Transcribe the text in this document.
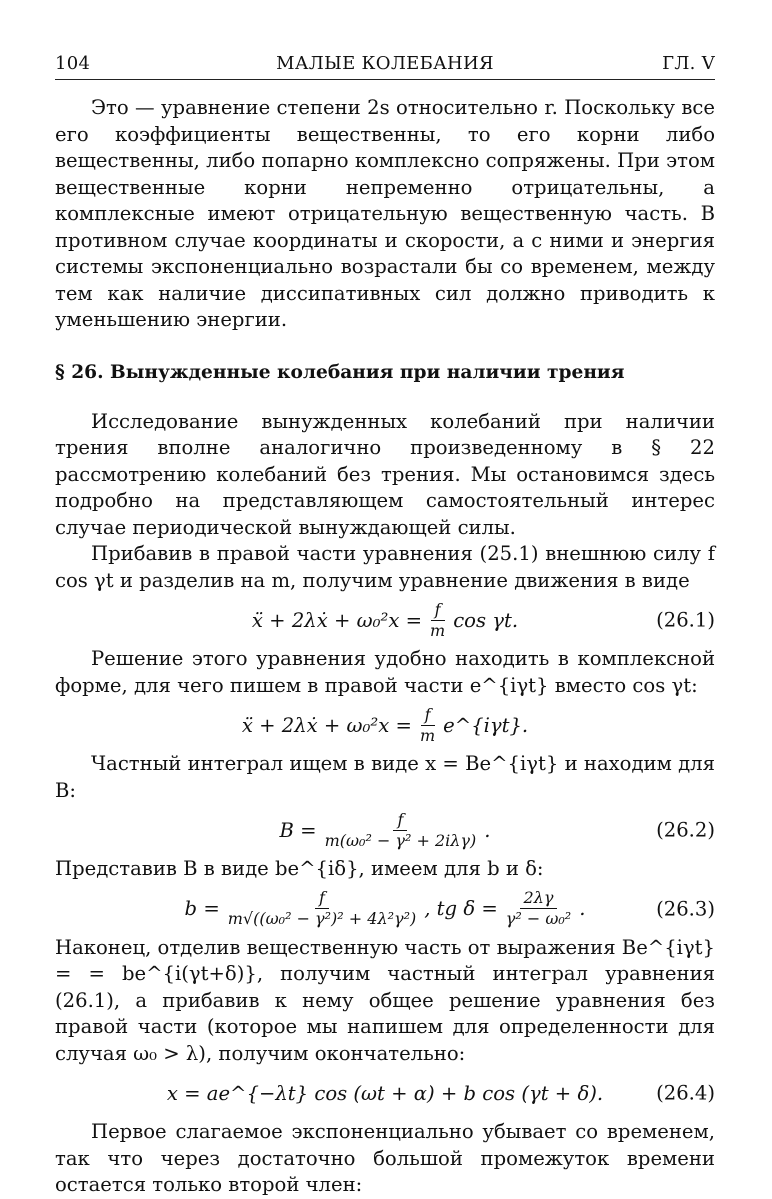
104	МАЛЫЕ КОЛЕБАНИЯ	ГЛ. V

Это — уравнение степени 2s относительно r. Поскольку все его коэффициенты вещественны, то его корни либо вещественны, либо попарно комплексно сопряжены. При этом вещественные корни непременно отрицательны, а комплексные имеют отрицательную вещественную часть. В противном случае координаты и скорости, а с ними и энергия системы экспоненциально возрастали бы со временем, между тем как наличие диссипативных сил должно приводить к уменьшению энергии.

§ 26. Вынужденные колебания при наличии трения

Исследование вынужденных колебаний при наличии трения вполне аналогично произведенному в § 22 рассмотрению колебаний без трения. Мы остановимся здесь подробно на представляющем самостоятельный интерес случае периодической вынуждающей силы.

Прибавив в правой части уравнения (25.1) внешнюю силу f cos γt и разделив на m, получим уравнение движения в виде

ẍ + 2λẋ + $\omega_0^2x = \frac{f}{m}$ cos γt.	(26.1)

Решение этого уравнения удобно находить в комплексной форме, для чего пишем в правой части e^{iγt} вместо cos γt:

ẍ + 2λẋ + $\omega_0^2x = \frac{f}{m}$ e^{iγt}.

Частный интеграл ищем в виде x = Be^{iγt} и находим для B:

$B = \frac{f}{\text{m(ω₀² − γ² + 2iλγ)}}$ .	(26.2)

Представив B в виде be^{iδ}, имеем для b и δ:

$b = \frac{f}{\text{m√((ω₀² − γ²)² + 4λ²γ²)}}$ , tg $\delta = \frac{2\lambda\gamma}{\text{γ² − ω₀²}}$ .	(26.3)

Наконец, отделив вещественную часть от выражения Be^{iγt} = = be^{i(γt+δ)}, получим частный интеграл уравнения (26.1), а прибавив к нему общее решение уравнения без правой части (которое мы напишем для определенности для случая ω₀ > λ), получим окончательно:

x = ae^{−λt} cos (ωt + α) + b cos (γt + δ).	(26.4)

Первое слагаемое экспоненциально убывает со временем, так что через достаточно большой промежуток времени остается только второй член:
